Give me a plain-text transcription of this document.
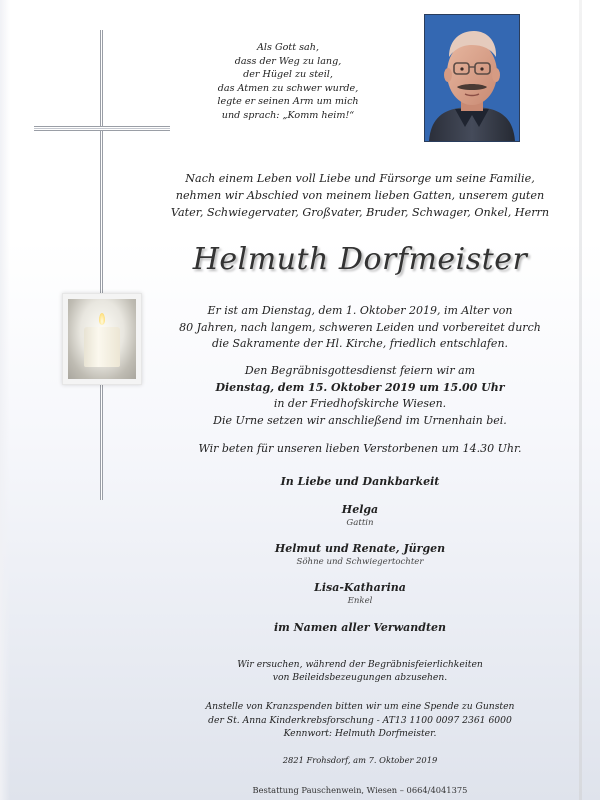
Als Gott sah,
dass der Weg zu lang,
der Hügel zu steil,
das Atmen zu schwer wurde,
legte er seinen Arm um mich
und sprach: „Komm heim!“
Nach einem Leben voll Liebe und Fürsorge um seine Familie,
nehmen wir Abschied von meinem lieben Gatten, unserem guten
Vater, Schwiegervater, Großvater, Bruder, Schwager, Onkel, Herrn
Helmuth Dorfmeister
Er ist am Dienstag, dem 1. Oktober 2019, im Alter von
80 Jahren, nach langem, schweren Leiden und vorbereitet durch
die Sakramente der Hl. Kirche, friedlich entschlafen.
Den Begräbnisgottesdienst feiern wir am
Dienstag, dem 15. Oktober 2019 um 15.00 Uhr
in der Friedhofskirche Wiesen.
Die Urne setzen wir anschließend im Urnenhain bei.
Wir beten für unseren lieben Verstorbenen um 14.30 Uhr.
In Liebe und Dankbarkeit
Helga
Gattin
Helmut und Renate, Jürgen
Söhne und Schwiegertochter
Lisa-Katharina
Enkel
im Namen aller Verwandten
Wir ersuchen, während der Begräbnisfeierlichkeiten
von Beileidsbezeugungen abzusehen.
Anstelle von Kranzspenden bitten wir um eine Spende zu Gunsten
der St. Anna Kinderkrebsforschung - AT13 1100 0097 2361 6000
Kennwort: Helmuth Dorfmeister.
2821 Frohsdorf, am 7. Oktober 2019
Bestattung Pauschenwein, Wiesen – 0664/4041375
